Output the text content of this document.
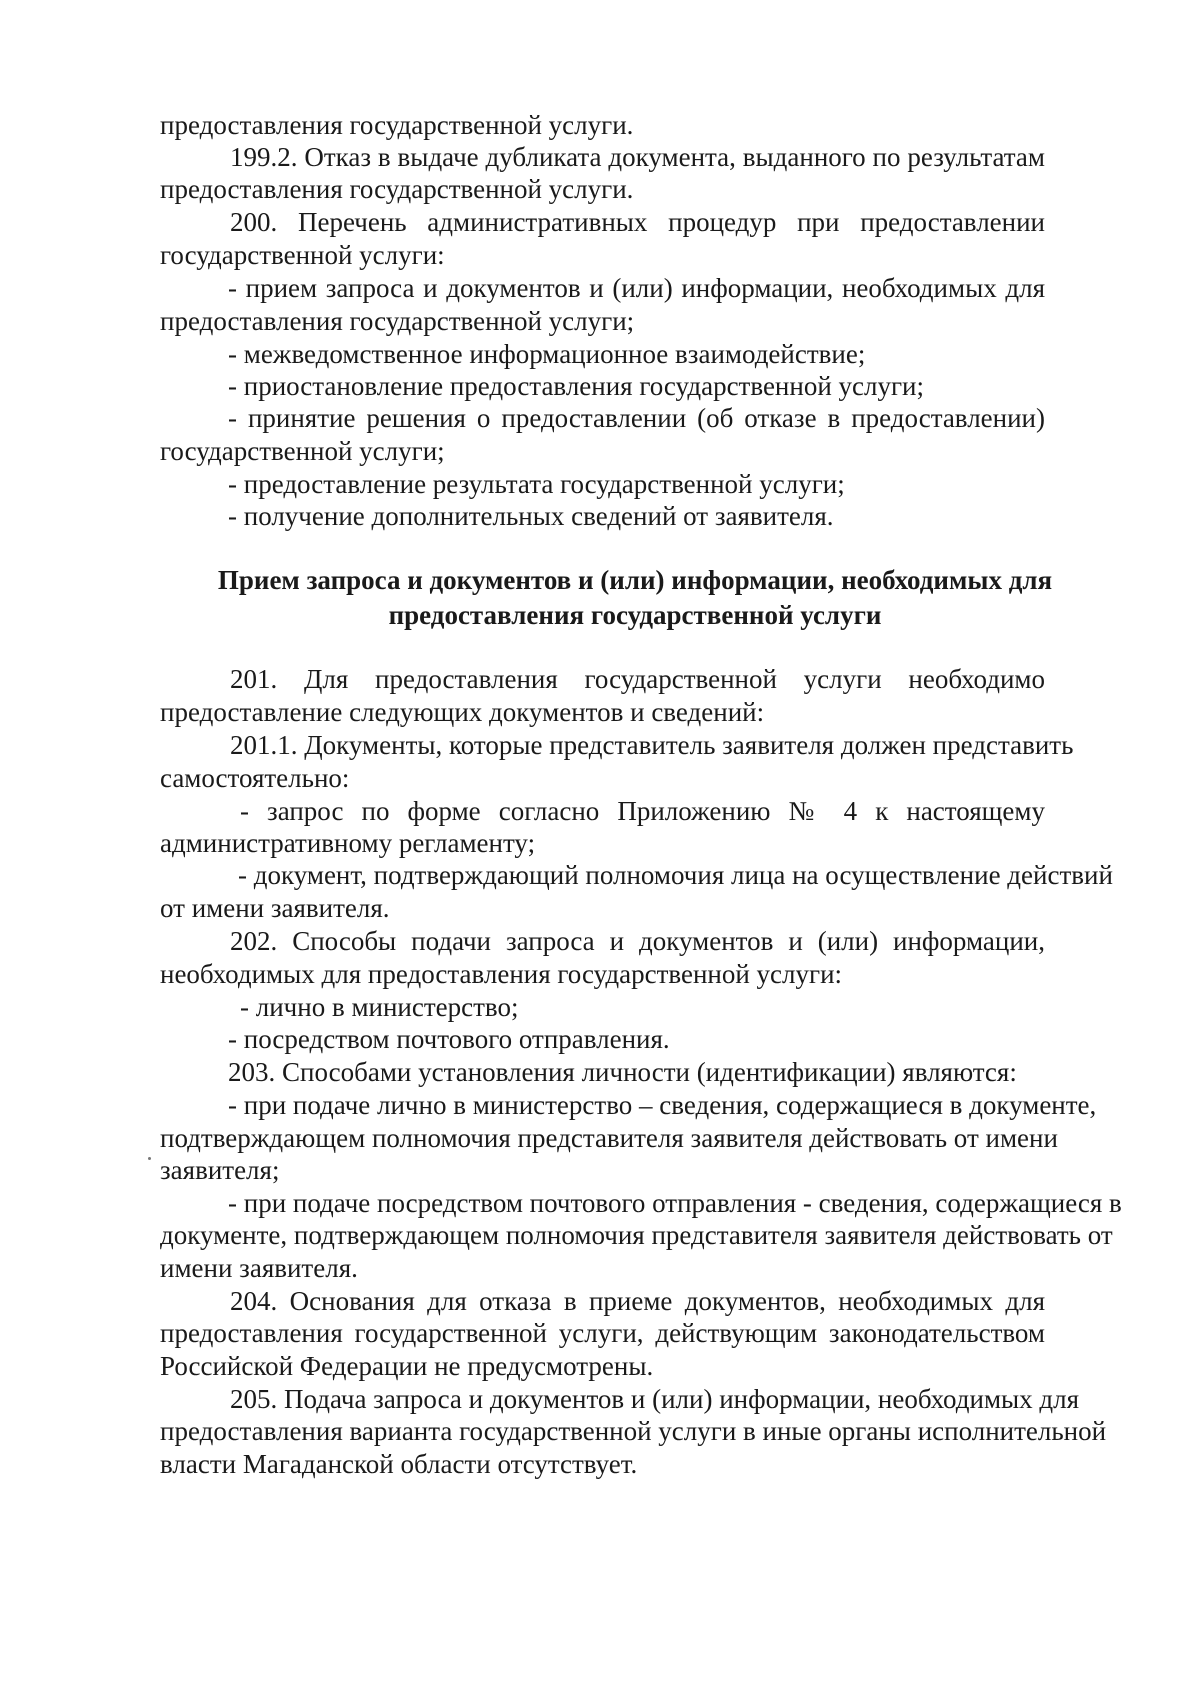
предоставления государственной услуги.
199.2. Отказ в выдаче дубликата документа, выданного по результатам
предоставления государственной услуги.
200. Перечень административных процедур при предоставлении
государственной услуги:
- прием запроса и документов и (или) информации, необходимых для
предоставления государственной услуги;
- межведомственное информационное взаимодействие;
- приостановление предоставления государственной услуги;
- принятие решения о предоставлении (об отказе в предоставлении)
государственной услуги;
- предоставление результата государственной услуги;
- получение дополнительных сведений от заявителя.
Прием запроса и документов и (или) информации, необходимых для
предоставления государственной услуги
201. Для предоставления государственной услуги необходимо
предоставление следующих документов и сведений:
201.1. Документы, которые представитель заявителя должен представить
самостоятельно:
- запрос по форме согласно Приложению № 4 к настоящему
административному регламенту;
- документ, подтверждающий полномочия лица на осуществление действий
от имени заявителя.
202. Способы подачи запроса и документов и (или) информации,
необходимых для предоставления государственной услуги:
- лично в министерство;
- посредством почтового отправления.
203. Способами установления личности (идентификации) являются:
- при подаче лично в министерство – сведения, содержащиеся в документе,
подтверждающем полномочия представителя заявителя действовать от имени
заявителя;
- при подаче посредством почтового отправления - сведения, содержащиеся в
документе, подтверждающем полномочия представителя заявителя действовать от
имени заявителя.
204. Основания для отказа в приеме документов, необходимых для
предоставления государственной услуги, действующим законодательством
Российской Федерации не предусмотрены.
205. Подача запроса и документов и (или) информации, необходимых для
предоставления варианта государственной услуги в иные органы исполнительной
власти Магаданской области отсутствует.
